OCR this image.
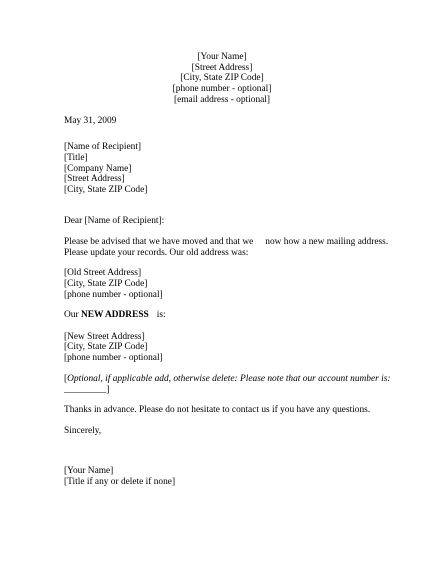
[Your Name]
[Street Address]
[City, State ZIP Code]
[phone number - optional]
[email address - optional]
May 31, 2009
[Name of Recipient]
[Title]
[Company Name]
[Street Address]
[City, State ZIP Code]
Dear [Name of Recipient]:
Please be advised that we have moved and that we now how a new mailing address.
Please update your records. Our old address was:
[Old Street Address]
[City, State ZIP Code]
[phone number - optional]
Our NEW ADDRESS is:
[New Street Address]
[City, State ZIP Code]
[phone number - optional]
[Optional, if applicable add, otherwise delete: Please note that our account number is:
_________]
Thanks in advance. Please do not hesitate to contact us if you have any questions.
Sincerely,
[Your Name]
[Title if any or delete if none]
